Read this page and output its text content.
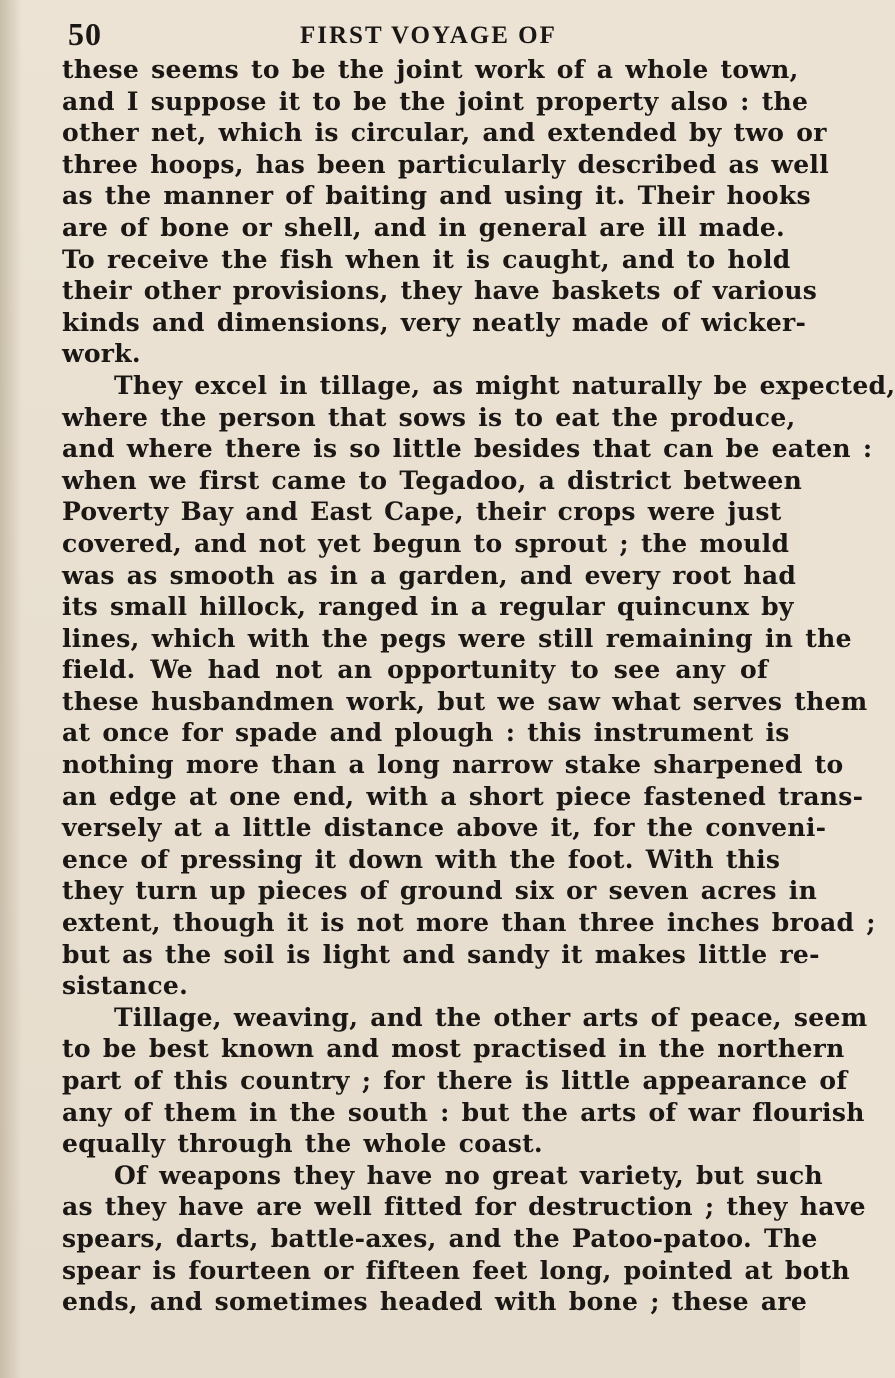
50	FIRST VOYAGE OF
these seems to be the joint work of a whole town,
and I suppose it to be the joint property also : the
other net, which is circular, and extended by two or
three hoops, has been particularly described as well
as the manner of baiting and using it. Their hooks
are of bone or shell, and in general are ill made.
To receive the fish when it is caught, and to hold
their other provisions, they have baskets of various
kinds and dimensions, very neatly made of wicker-
work.
They excel in tillage, as might naturally be expected,
where the person that sows is to eat the produce,
and where there is so little besides that can be eaten :
when we first came to Tegadoo, a district between
Poverty Bay and East Cape, their crops were just
covered, and not yet begun to sprout ; the mould
was as smooth as in a garden, and every root had
its small hillock, ranged in a regular quincunx by
lines, which with the pegs were still remaining in the
field. We had not an opportunity to see any of
these husbandmen work, but we saw what serves them
at once for spade and plough : this instrument is
nothing more than a long narrow stake sharpened to
an edge at one end, with a short piece fastened trans-
versely at a little distance above it, for the conveni-
ence of pressing it down with the foot. With this
they turn up pieces of ground six or seven acres in
extent, though it is not more than three inches broad ;
but as the soil is light and sandy it makes little re-
sistance.
Tillage, weaving, and the other arts of peace, seem
to be best known and most practised in the northern
part of this country ; for there is little appearance of
any of them in the south : but the arts of war flourish
equally through the whole coast.
Of weapons they have no great variety, but such
as they have are well fitted for destruction ; they have
spears, darts, battle-axes, and the Patoo-patoo. The
spear is fourteen or fifteen feet long, pointed at both
ends, and sometimes headed with bone ; these are
